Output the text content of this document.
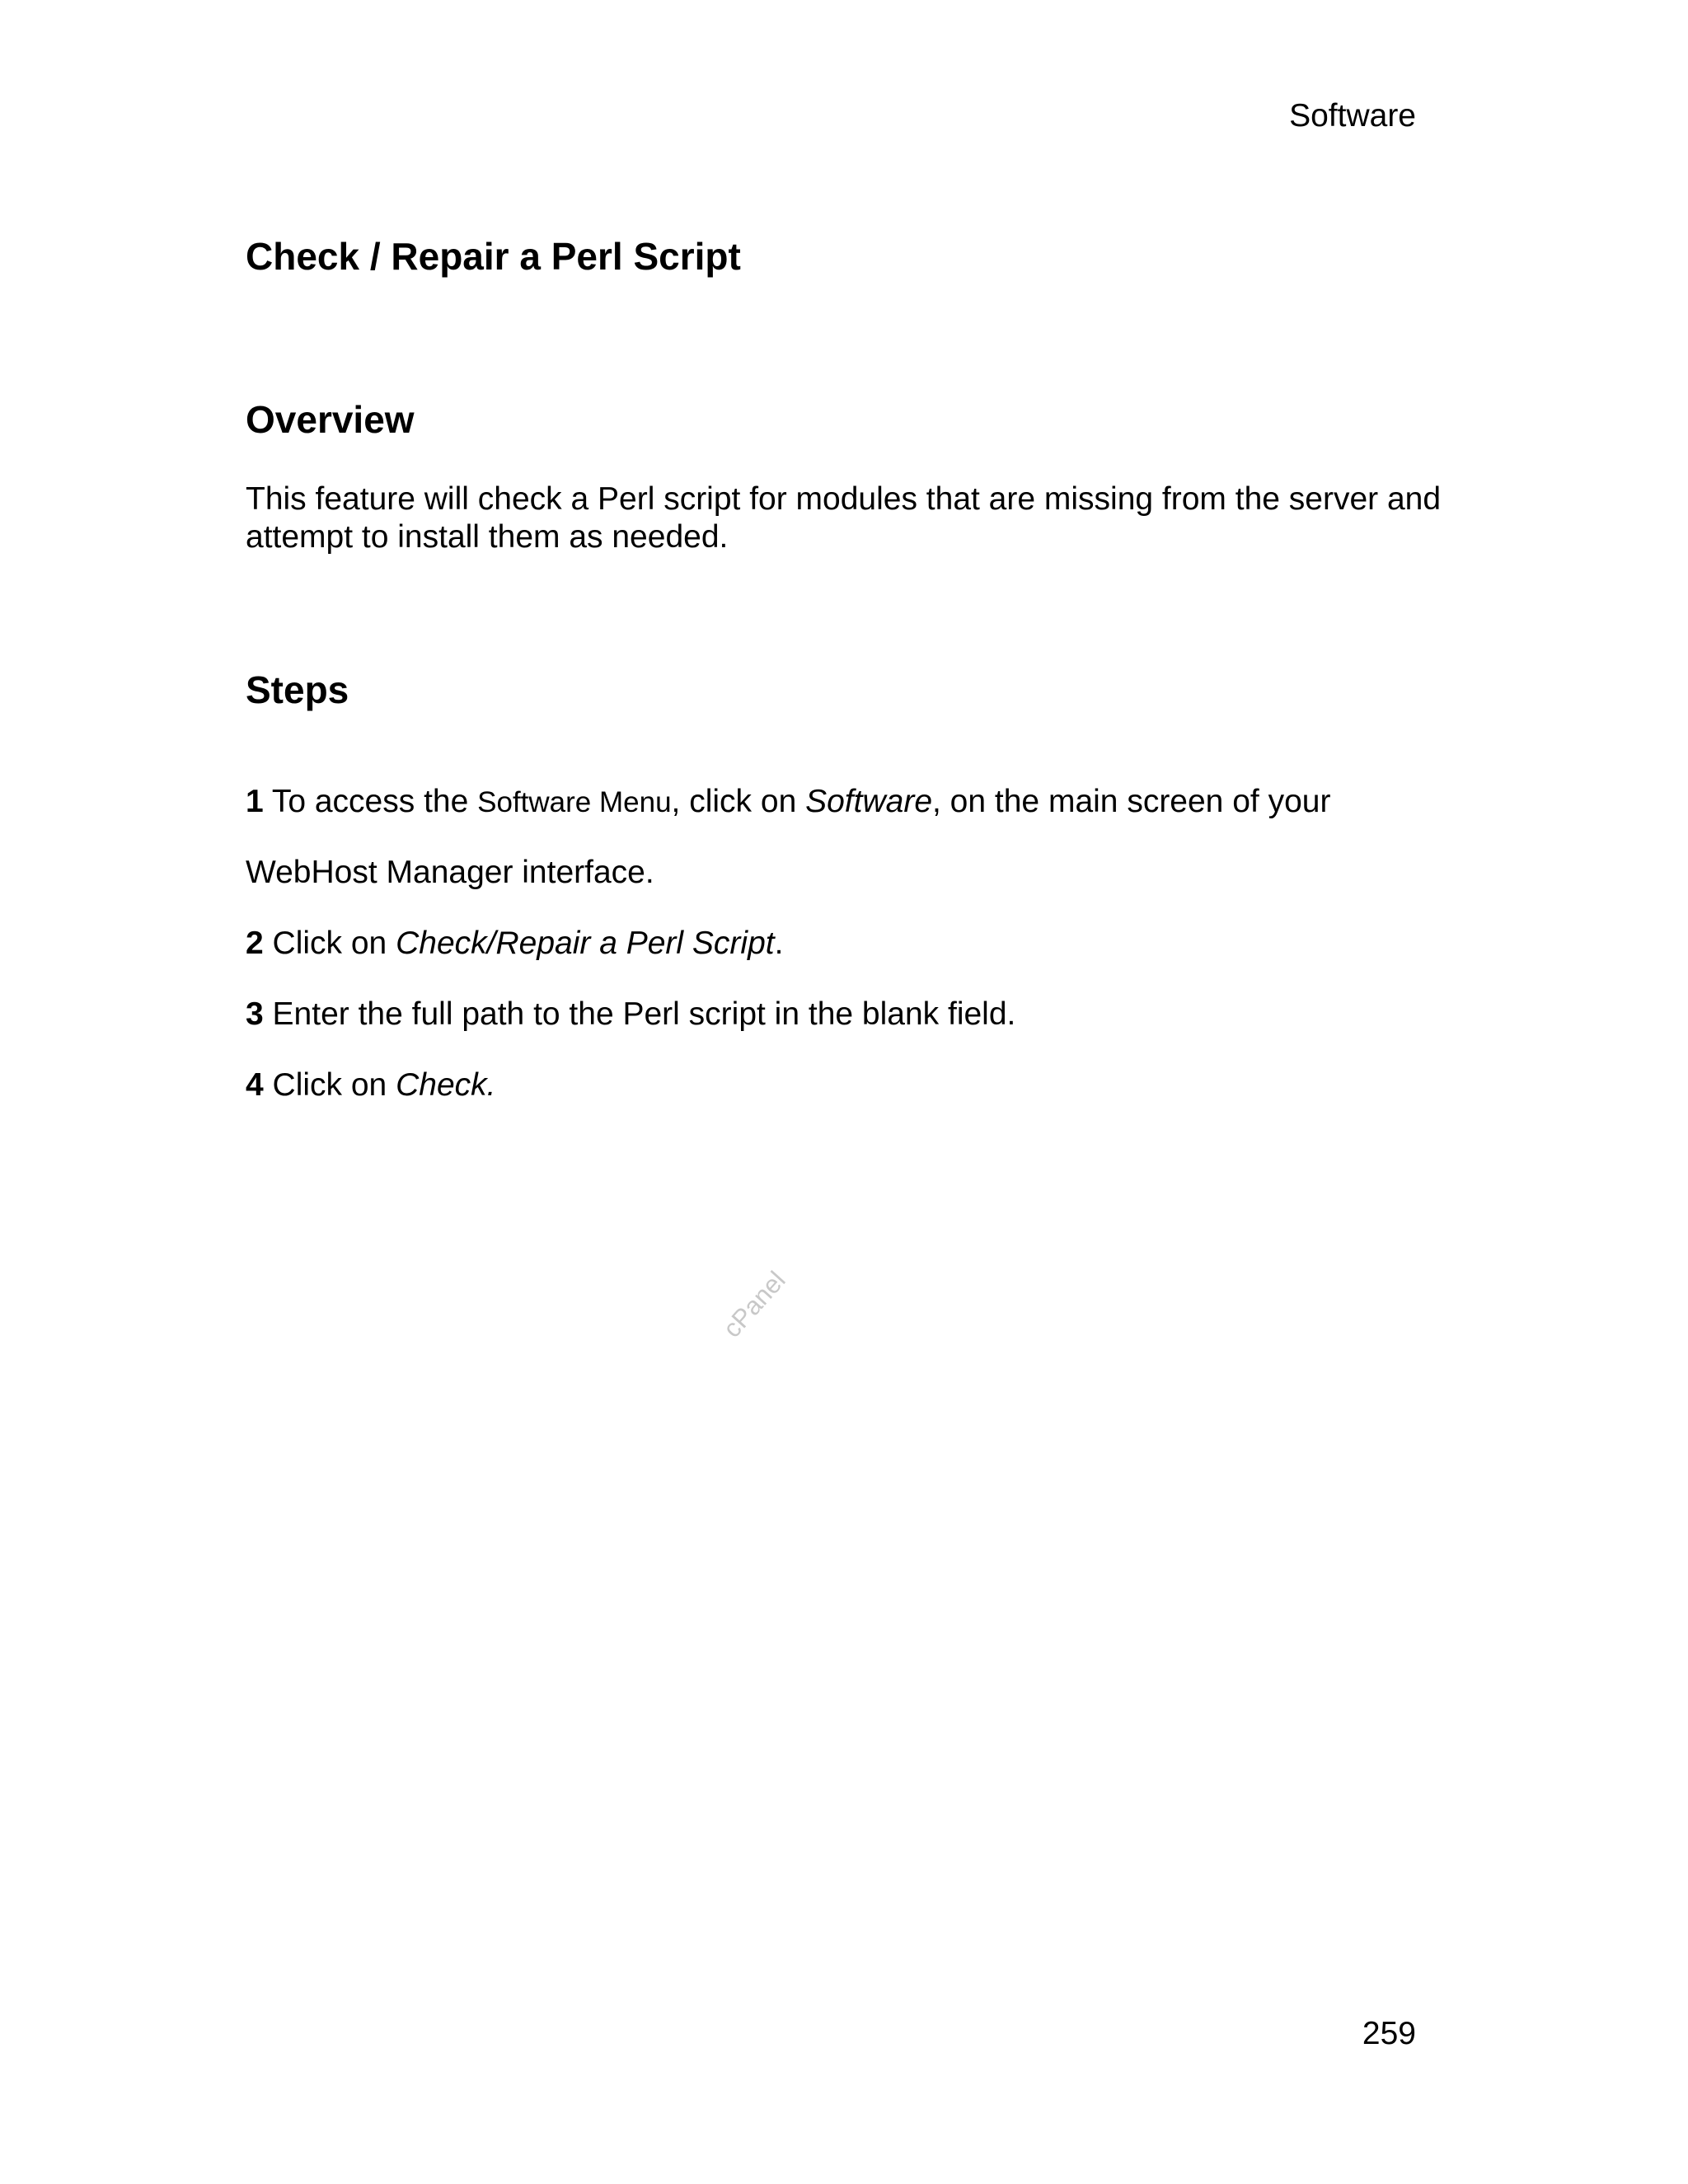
Software
Check / Repair a Perl Script
Overview

This feature will check a Perl script for modules that are missing from the server and attempt to install them as needed.

Steps

1 To access the Software Menu, click on Software, on the main screen of your

WebHost Manager interface.

2 Click on Check/Repair a Perl Script.

3 Enter the full path to the Perl script in the blank field.

4 Click on Check.

cPanel
259
